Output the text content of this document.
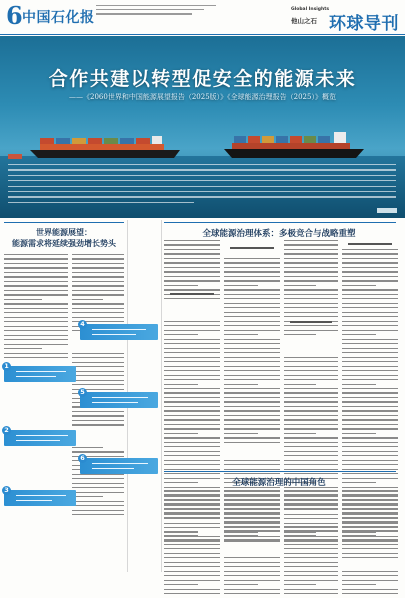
6 中国石化报
Global Insights
他山之石 环球导刊
合作共建以转型促安全的能源未来
——《2060世界和中国能源展望报告（2025版）》《全球能源治理报告（2025）》概览
世界能源展望：
能源需求将延续强劲增长势头
1
2
3
4
5
6
全球能源治理体系：多极竞合与战略重塑
全球能源治理的中国角色
